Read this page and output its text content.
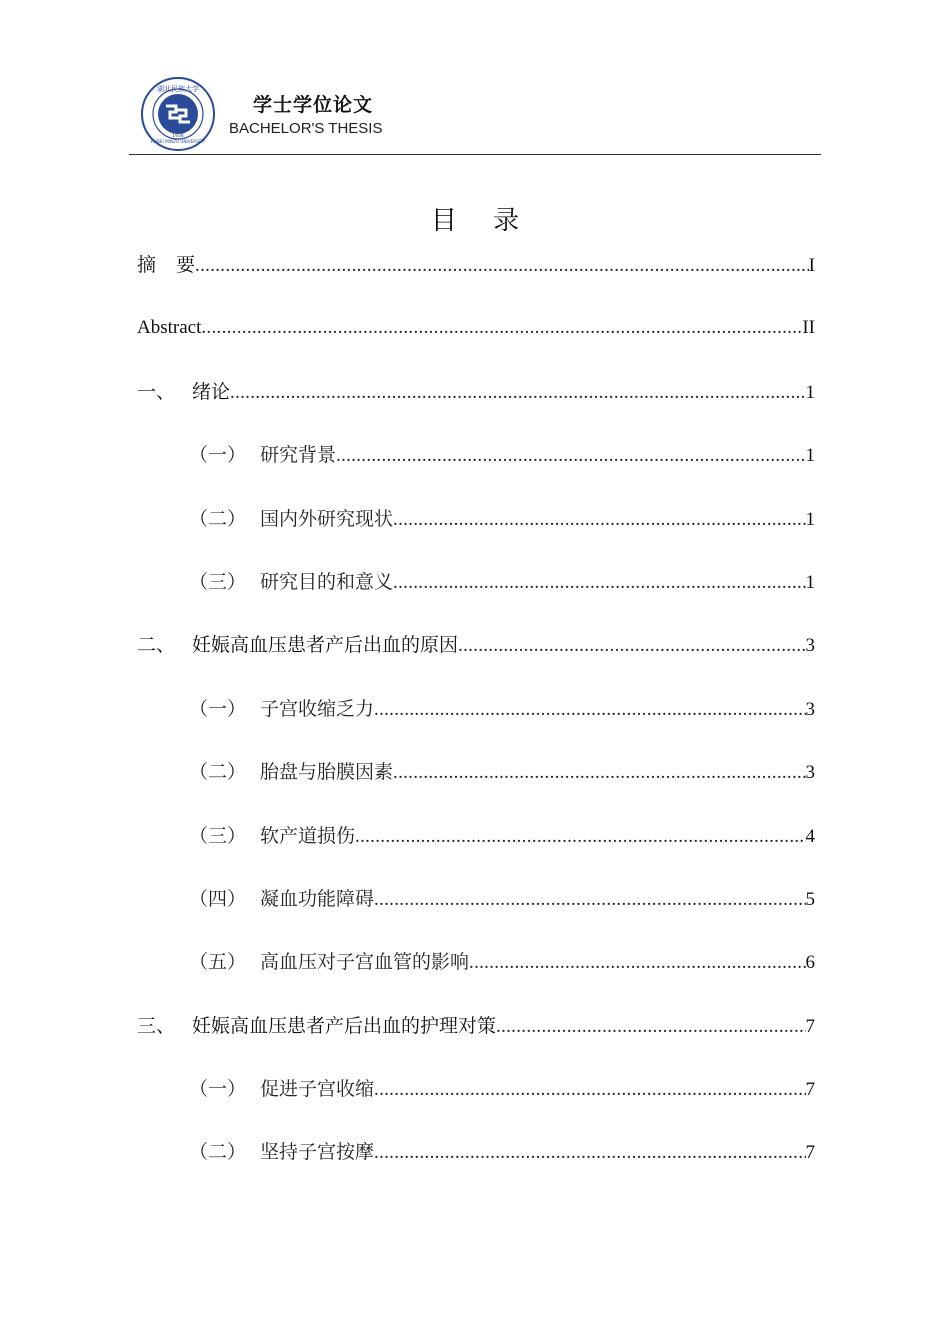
湖北民族大学
HUBEI MINZU UNIVERSITY
1938
学士学位论文
BACHELOR'S THESIS
目 录
摘 要 .....	I
Abstract .....	II
一、 绪论 .....	1
（一） 研究背景 .....	1
（二） 国内外研究现状 .....	1
（三） 研究目的和意义 .....	1
二、 妊娠高血压患者产后出血的原因 .....	3
（一） 子宫收缩乏力 .....	3
（二） 胎盘与胎膜因素 .....	3
（三） 软产道损伤 .....	4
（四） 凝血功能障碍 .....	5
（五） 高血压对子宫血管的影响 .....	6
三、 妊娠高血压患者产后出血的护理对策 .....	7
（一） 促进子宫收缩 .....	7
（二） 坚持子宫按摩 .....	7
